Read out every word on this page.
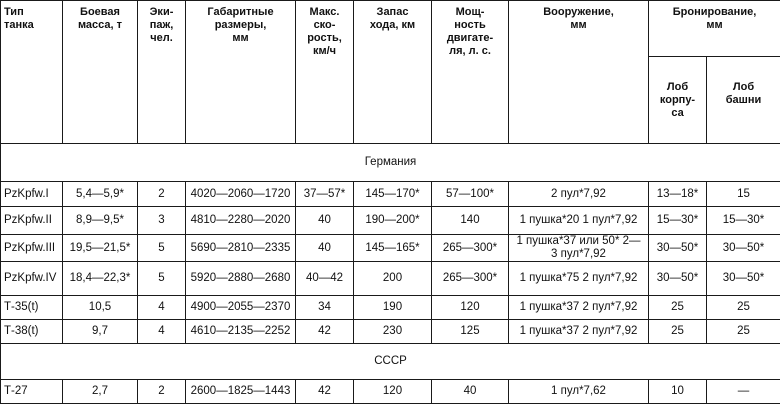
Тип
танка	Боевая
масса, т	Эки-
паж,
чел.	Габаритные
размеры,
мм	Макс.
ско-
рость,
км/ч	Запас
хода, км	Мощ-
ность
двигате-
ля, л. с.	Вооружение,
мм	Бронирование,
мм	

								Лоб
корпу-
са	Лоб
башни

Германия									

PzKpfw.I	5,4—5,9*	2	4020—2060—1720	37—57*	145—170*	57—100*	2 пул*7,92	13—18*	15

PzKpfw.II	8,9—9,5*	3	4810—2280—2020	40	190—200*	140	1 пушка*20 1 пул*7,92	15—30*	15—30*

PzKpfw.III	19,5—21,5*	5	5690—2810—2335	40	145—165*	265—300*	1 пушка*37 или 50* 2—
3 пул*7,92	30—50*	30—50*

PzKpfw.IV	18,4—22,3*	5	5920—2880—2680	40—42	200	265—300*	1 пушка*75 2 пул*7,92	30—50*	30—50*

Т-35(t)	10,5	4	4900—2055—2370	34	190	120	1 пушка*37 2 пул*7,92	25	25

Т-38(t)	9,7	4	4610—2135—2252	42	230	125	1 пушка*37 2 пул*7,92	25	25

СССР									

Т-27	2,7	2	2600—1825—1443	42	120	40	1 пул*7,62	10	—
